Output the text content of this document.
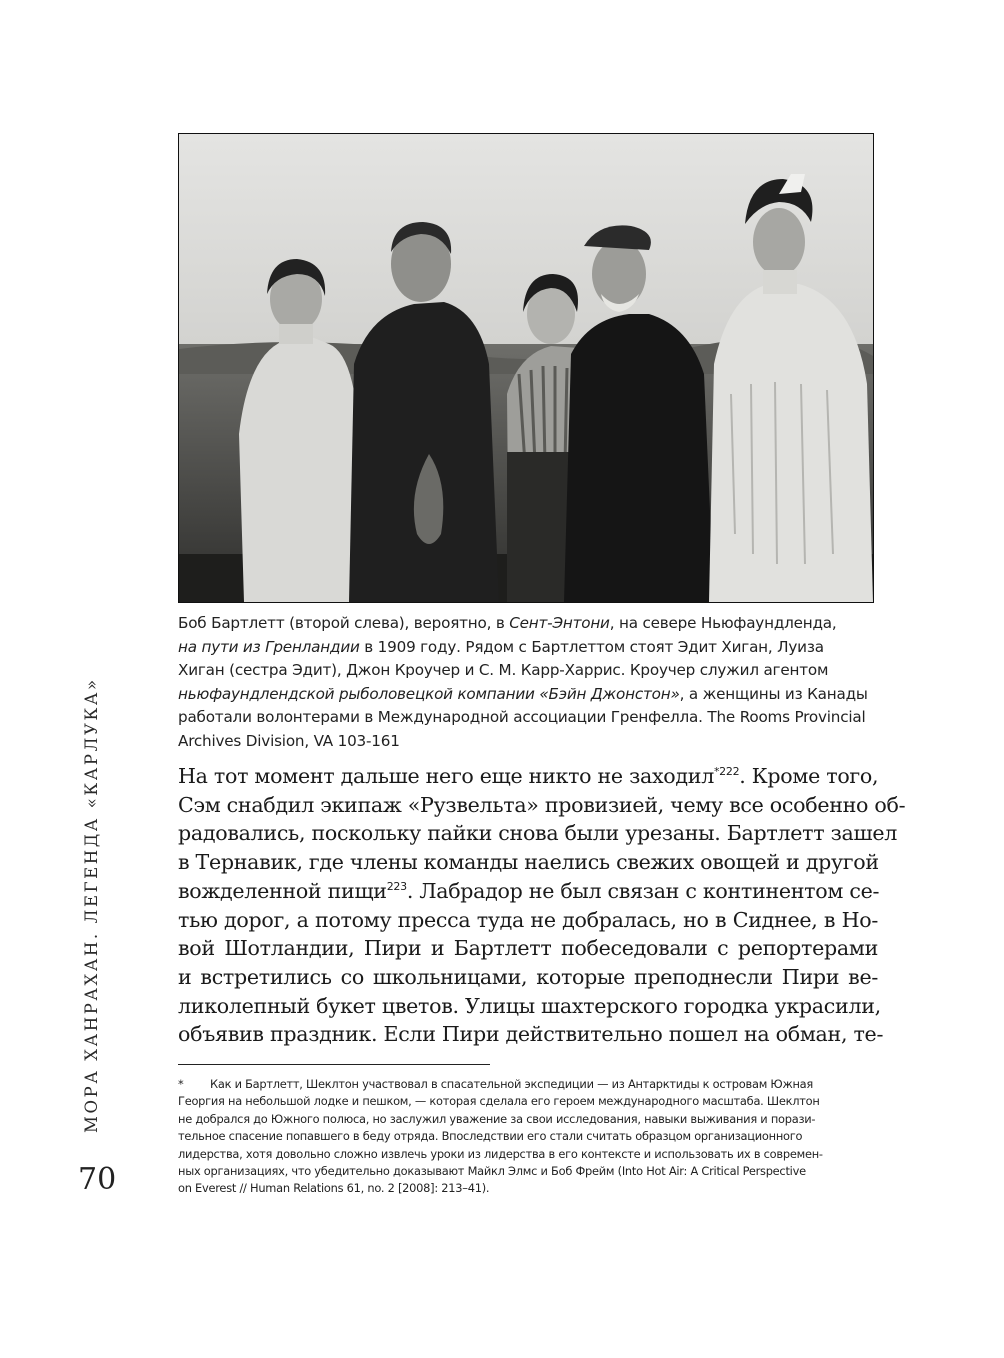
Боб Бартлетт (второй слева), вероятно, в Сент-Энтони, на севере Ньюфаундленда,
на пути из Гренландии в 1909 году. Рядом с Бартлеттом стоят Эдит Хиган, Луиза
Хиган (сестра Эдит), Джон Кроучер и С. М. Карр-Харрис. Кроучер служил агентом
ньюфаундлендской рыболовецкой компании «Бэйн Джонстон», а женщины из Канады
работали волонтерами в Международной ассоциации Гренфелла. The Rooms Provincial
Archives Division, VA 103-161
На тот момент дальше него еще никто не заходил$^{*222}$. Кроме того,
Сэм снабдил экипаж «Рузвельта» провизией, чему все особенно об-
радовались, поскольку пайки снова были урезаны. Бартлетт зашел
в Тернавик, где члены команды наелись свежих овощей и другой
вожделенной пищи$^{223}$. Лабрадор не был связан с континентом се-
тью дорог, а потому пресса туда не добралась, но в Сиднее, в Но-
вой Шотландии, Пири и Бартлетт побеседовали с репортерами
и встретились со школьницами, которые преподнесли Пири ве-
ликолепный букет цветов. Улицы шахтерского городка украсили,
объявив праздник. Если Пири действительно пошел на обман, те-
* Как и Бартлетт, Шеклтон участвовал в спасательной экспедиции — из Антарктиды к островам Южная
Георгия на небольшой лодке и пешком, — которая сделала его героем международного масштаба. Шеклтон
не добрался до Южного полюса, но заслужил уважение за свои исследования, навыки выживания и порази-
тельное спасение попавшего в беду отряда. Впоследствии его стали считать образцом организационного
лидерства, хотя довольно сложно извлечь уроки из лидерства в его контексте и использовать их в современ-
ных организациях, что убедительно доказывают Майкл Элмс и Боб Фрейм (Into Hot Air: A Critical Perspective
on Everest // Human Relations 61, no. 2 [2008]: 213–41).
МОРА ХАНРАХАН. ЛЕГЕНДА «КАРЛУКА»
70
